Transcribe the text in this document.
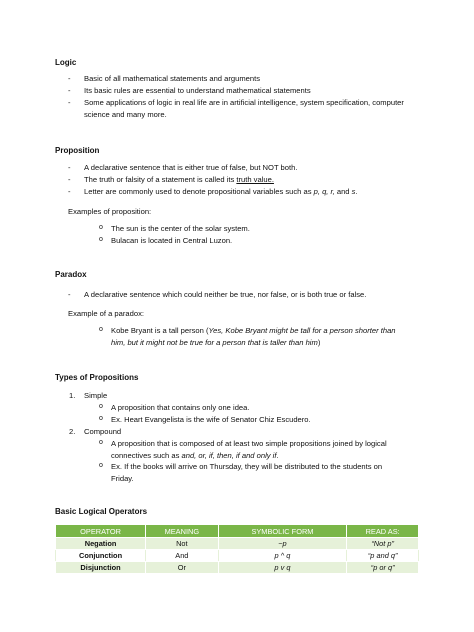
Logic
- Basic of all mathematical statements and arguments
- Its basic rules are essential to understand mathematical statements
- Some applications of logic in real life are in artificial intelligence, system specification, computer
science and many more.
Proposition
- A declarative sentence that is either true of false, but NOT both.
- The truth or falsity of a statement is called its truth value.
- Letter are commonly used to denote propositional variables such as p, q, r, and s.
Examples of proposition:
o The sun is the center of the solar system.
o Bulacan is located in Central Luzon.
Paradox
- A declarative sentence which could neither be true, nor false, or is both true or false.
Example of a paradox:
o Kobe Bryant is a tall person (Yes, Kobe Bryant might be tall for a person shorter than
him, but it might not be true for a person that is taller than him)
Types of Propositions
1. Simple
o A proposition that contains only one idea.
o Ex. Heart Evangelista is the wife of Senator Chiz Escudero.
2. Compound
o A proposition that is composed of at least two simple propositions joined by logical
connectives such as and, or, if, then, if and only if.
o Ex. If the books will arrive on Thursday, they will be distributed to the students on
Friday.
Basic Logical Operators
OPERATOR	MEANING	SYMBOLIC FORM	READ AS:
Negation	Not	~p	“Not p”
Conjunction	And	p ^ q	“p and q”
Disjunction	Or	p v q	“p or q”
